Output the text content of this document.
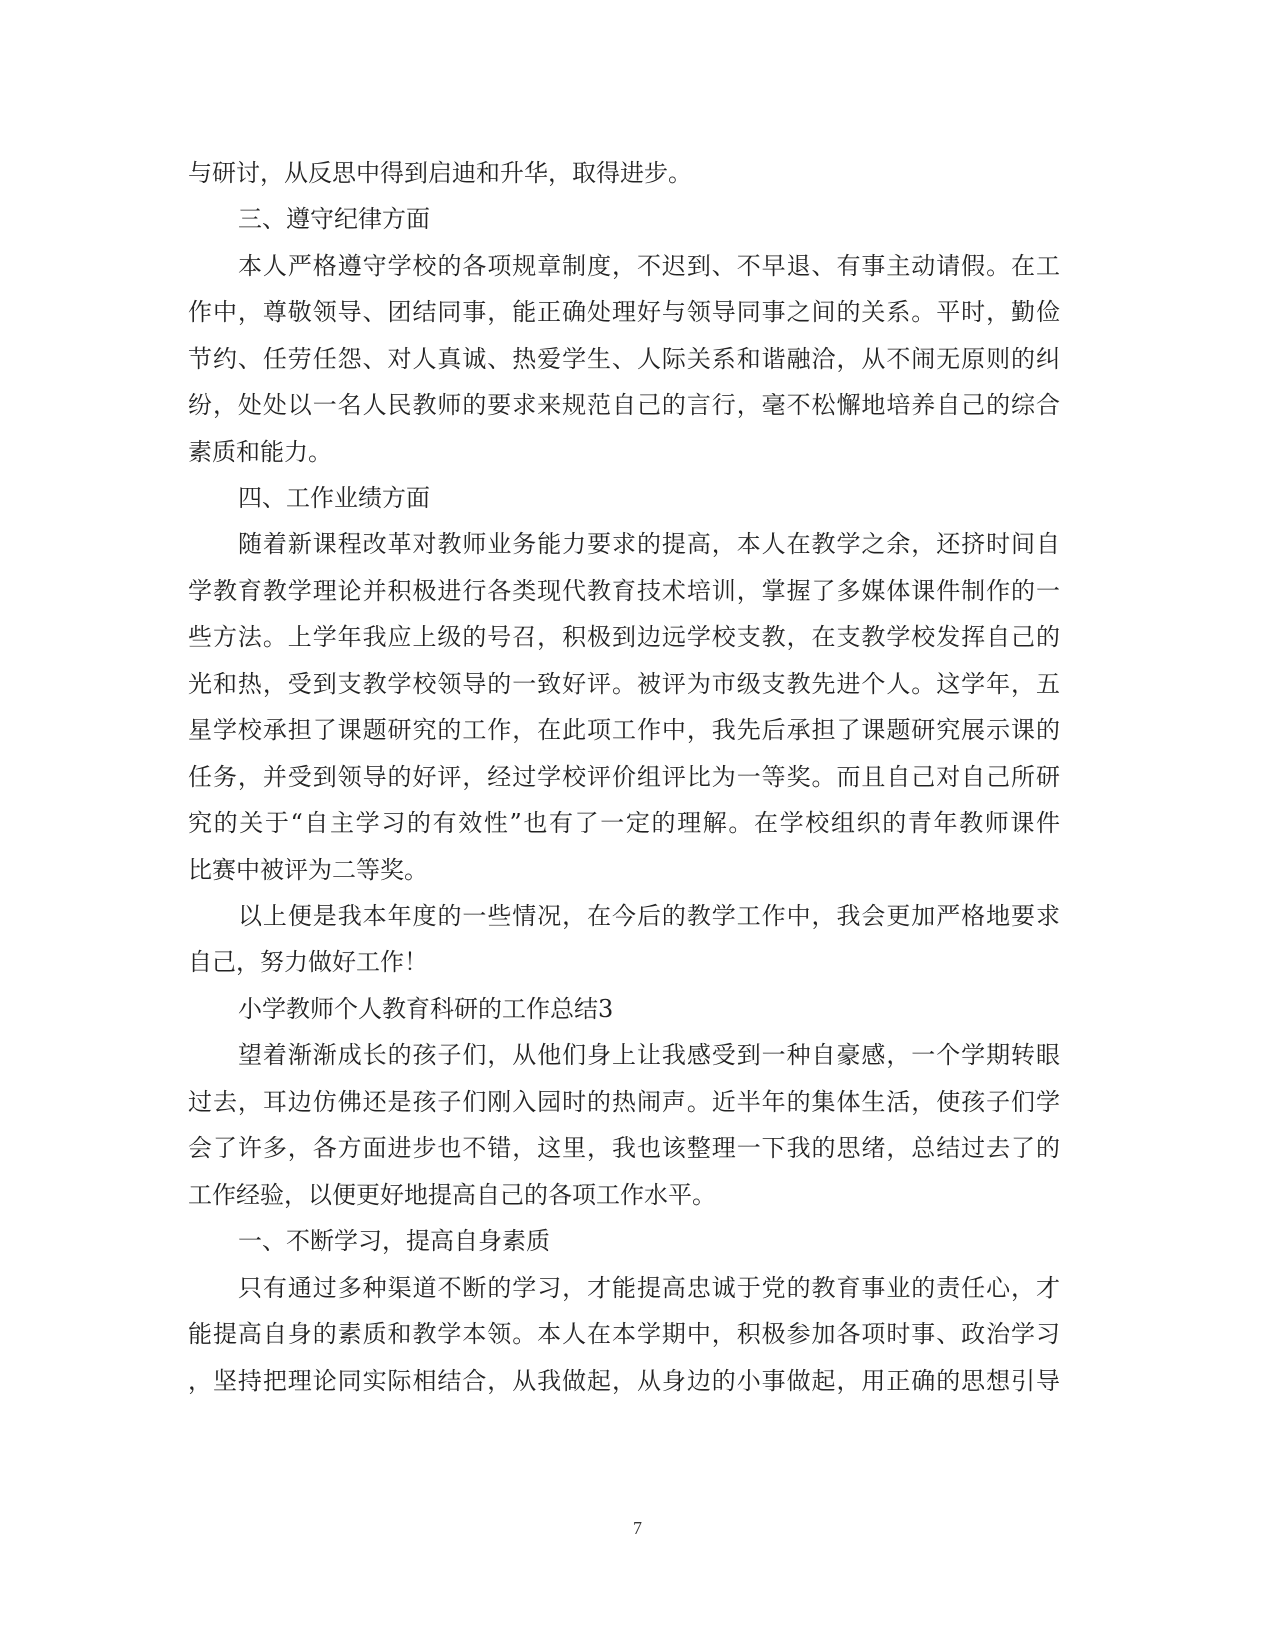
与研讨，从反思中得到启迪和升华，取得进步。
三、遵守纪律方面
本人严格遵守学校的各项规章制度，不迟到、不早退、有事主动请假。在工
作中，尊敬领导、团结同事，能正确处理好与领导同事之间的关系。平时，勤俭
节约、任劳任怨、对人真诚、热爱学生、人际关系和谐融洽，从不闹无原则的纠
纷，处处以一名人民教师的要求来规范自己的言行，毫不松懈地培养自己的综合
素质和能力。
四、工作业绩方面
随着新课程改革对教师业务能力要求的提高，本人在教学之余，还挤时间自
学教育教学理论并积极进行各类现代教育技术培训，掌握了多媒体课件制作的一
些方法。上学年我应上级的号召，积极到边远学校支教，在支教学校发挥自己的
光和热，受到支教学校领导的一致好评。被评为市级支教先进个人。这学年，五
星学校承担了课题研究的工作，在此项工作中，我先后承担了课题研究展示课的
任务，并受到领导的好评，经过学校评价组评比为一等奖。而且自己对自己所研
究的关于“自主学习的有效性”也有了一定的理解。在学校组织的青年教师课件
比赛中被评为二等奖。
以上便是我本年度的一些情况，在今后的教学工作中，我会更加严格地要求
自己，努力做好工作！
小学教师个人教育科研的工作总结3
望着渐渐成长的孩子们，从他们身上让我感受到一种自豪感，一个学期转眼
过去，耳边仿佛还是孩子们刚入园时的热闹声。近半年的集体生活，使孩子们学
会了许多，各方面进步也不错，这里，我也该整理一下我的思绪，总结过去了的
工作经验，以便更好地提高自己的各项工作水平。
一、不断学习，提高自身素质
只有通过多种渠道不断的学习，才能提高忠诚于党的教育事业的责任心，才
能提高自身的素质和教学本领。本人在本学期中，积极参加各项时事、政治学习
，坚持把理论同实际相结合，从我做起，从身边的小事做起，用正确的思想引导
7
